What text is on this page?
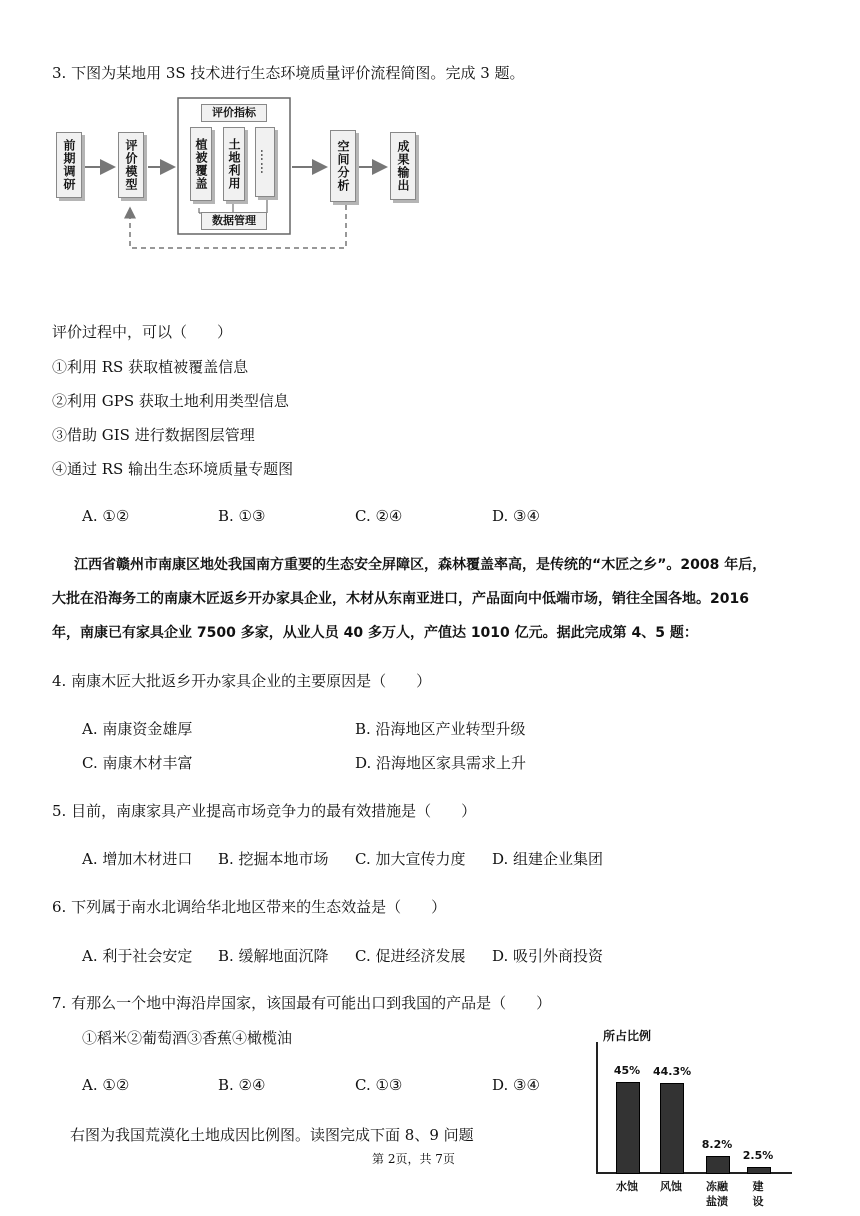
3. 下图为某地用 3S 技术进行生态环境质量评价流程简图。完成 3 题。
前期调研	评价模型
评价指标
植被覆盖	土地利用	……
数据管理
空间分析	成果输出
评价过程中，可以（　　）
①利用 RS 获取植被覆盖信息
②利用 GPS 获取土地利用类型信息
③借助 GIS 进行数据图层管理
④通过 RS 输出生态环境质量专题图
A. ①②	B. ①③	C. ②④	D. ③④
江西省赣州市南康区地处我国南方重要的生态安全屏障区，森林覆盖率高，是传统的“木匠之乡”。2008 年后，
大批在沿海务工的南康木匠返乡开办家具企业，木材从东南亚进口，产品面向中低端市场，销往全国各地。2016
年，南康已有家具企业 7500 多家，从业人员 40 多万人，产值达 1010 亿元。据此完成第 4、5 题：
4. 南康木匠大批返乡开办家具企业的主要原因是（　　）
A. 南康资金雄厚	B. 沿海地区产业转型升级
C. 南康木材丰富	D. 沿海地区家具需求上升
5. 目前，南康家具产业提高市场竞争力的最有效措施是（　　）
A. 增加木材进口 B. 挖掘本地市场 C. 加大宣传力度 D. 组建企业集团
6. 下列属于南水北调给华北地区带来的生态效益是（　　）
A. 利于社会安定 B. 缓解地面沉降 C. 促进经济发展 D. 吸引外商投资
7. 有那么一个地中海沿岸国家，该国最有可能出口到我国的产品是（　　）
①稻米②葡萄酒③香蕉④橄榄油
A. ①②	B. ②④	C. ①③	D. ③④
右图为我国荒漠化土地成因比例图。读图完成下面 8、9 问题
第 2页，共 7页
所占比例
45%
水蚀
44.3%
风蚀
8.2%
冻融
盐渍
2.5%
建
设
